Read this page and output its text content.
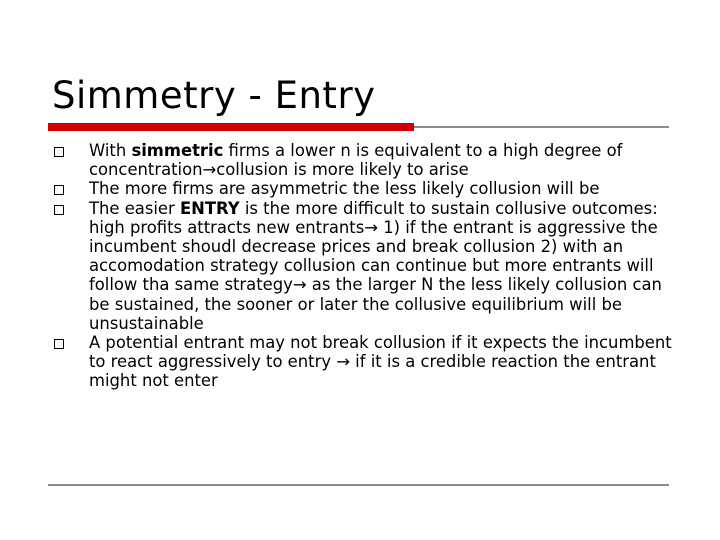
Simmetry - Entry
With simmetric firms a lower n is equivalent to a high degree of concentration→collusion is more likely to arise
The more firms are asymmetric the less likely collusion will be
The easier ENTRY is the more difficult to sustain collusive outcomes: high profits attracts new entrants→ 1) if the entrant is aggressive the incumbent shoudl decrease prices and break collusion 2) with an accomodation strategy collusion can continue but more entrants will follow tha same strategy→ as the larger N the less likely collusion can be sustained, the sooner or later the collusive equilibrium will be unsustainable
A potential entrant may not break collusion if it expects the incumbent to react aggressively to entry → if it is a credible reaction the entrant might not enter
